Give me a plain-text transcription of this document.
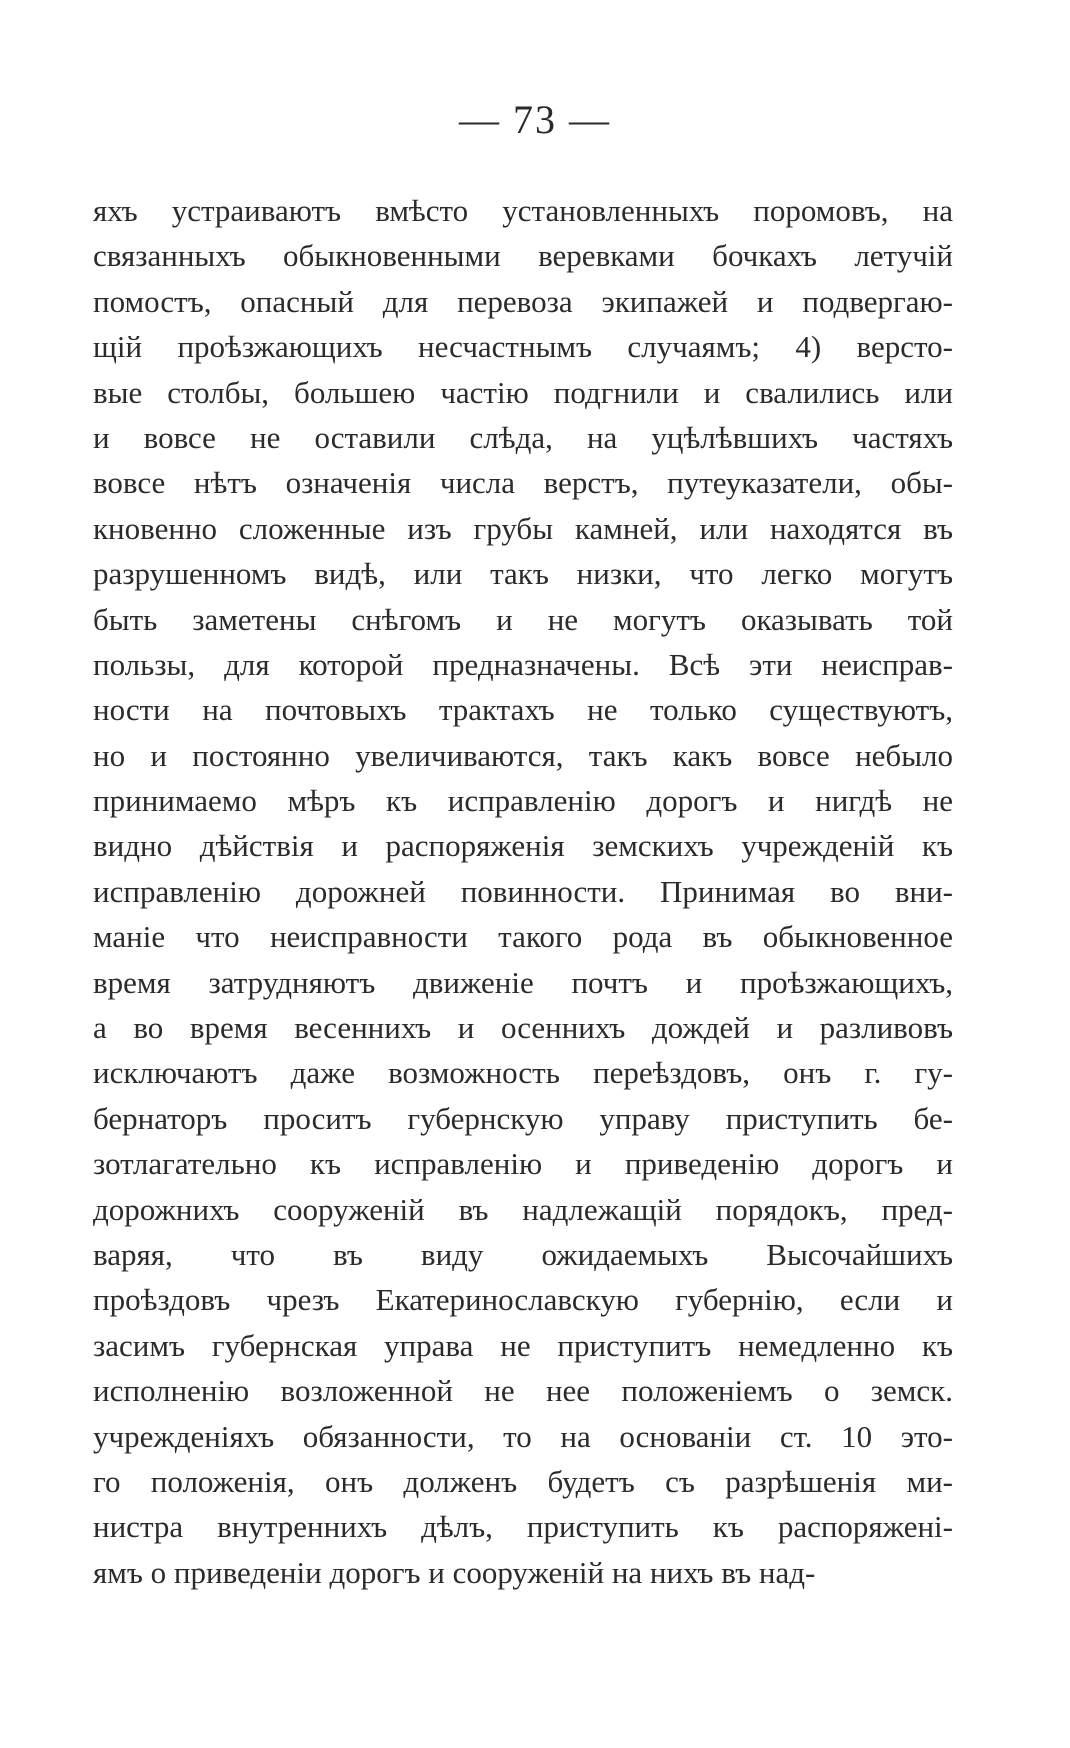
— 73 —
яхъ устраиваютъ вмѣсто установленныхъ поромовъ, на
связанныхъ обыкновенными веревками бочкахъ летучій
помостъ, опасный для перевоза экипажей и подвергаю-
щій проѣзжающихъ несчастнымъ случаямъ; 4) версто-
вые столбы, большею частію подгнили и свалились или
и вовсе не оставили слѣда, на уцѣлѣвшихъ частяхъ
вовсе нѣтъ означенія числа верстъ, путеуказатели, обы-
кновенно сложенные изъ грубы камней, или находятся въ
разрушенномъ видѣ, или такъ низки, что легко могутъ
быть заметены снѣгомъ и не могутъ оказывать той
пользы, для которой предназначены. Всѣ эти неисправ-
ности на почтовыхъ трактахъ не только существуютъ,
но и постоянно увеличиваются, такъ какъ вовсе небыло
принимаемо мѣръ къ исправленію дорогъ и нигдѣ не
видно дѣйствія и распоряженія земскихъ учрежденій къ
исправленію дорожней повинности. Принимая во вни-
маніе что неисправности такого рода въ обыкновенное
время затрудняютъ движеніе почтъ и проѣзжающихъ,
а во время весеннихъ и осеннихъ дождей и разливовъ
исключаютъ даже возможность переѣздовъ, онъ г. гу-
бернаторъ проситъ губернскую управу приступить бе-
зотлагательно къ исправленію и приведенію дорогъ и
дорожнихъ сооруженій въ надлежащій порядокъ, пред-
варяя, что въ виду ожидаемыхъ Высочайшихъ
проѣздовъ чрезъ Екатеринославскую губернію, если и
засимъ губернская управа не приступитъ немедленно къ
исполненію возложенной не нее положеніемъ о земск.
учрежденіяхъ обязанности, то на основаніи ст. 10 это-
го положенія, онъ долженъ будетъ съ разрѣшенія ми-
нистра внутреннихъ дѣлъ, приступить къ распоряжені-
ямъ о приведеніи дорогъ и сооруженій на нихъ въ над-
